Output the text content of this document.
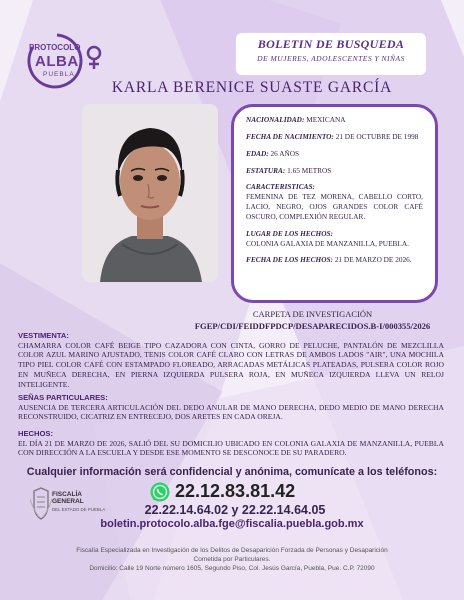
PROTOCOLO
ALBA
PUEBLA
BOLETIN DE BUSQUEDA
DE MUJERES, ADOLESCENTES Y NIÑAS
KARLA BERENICE SUASTE GARCÍA
NACIONALIDAD: MEXICANA
FECHA DE NACIMIENTO: 21 DE OCTUBRE DE 1998
EDAD: 26 AÑOS
ESTATURA: 1.65 METROS
CARACTERISTICAS:
FEMENINA DE TEZ MORENA, CABELLO CORTO, LACIO, NEGRO, OJOS GRANDES COLOR CAFÉ OSCURO, COMPLEXIÓN REGULAR.
LUGAR DE LOS HECHOS:
COLONIA GALAXIA DE MANZANILLA, PUEBLA.
FECHA DE LOS HECHOS: 21 DE MARZO DE 2026.
CARPETA DE INVESTIGACIÓN
FGEP/CDI/FEIDDFPDCP/DESAPARECIDOS.B-I/000355/2026
VESTIMENTA:
CHAMARRA COLOR CAFÉ BEIGE TIPO CAZADORA CON CINTA, GORRO DE PELUCHE, PANTALÓN DE MEZCLILLA COLOR AZUL MARINO AJUSTADO, TENIS COLOR CAFÉ CLARO CON LETRAS DE AMBOS LADOS "AIR", UNA MOCHILA TIPO PIEL COLOR CAFÉ CON ESTAMPADO FLOREADO, ARRACADAS METÁLICAS PLATEADAS, PULSERA COLOR ROJO EN MUÑECA DERECHA, EN PIERNA IZQUIERDA PULSERA ROJA, EN MUÑECA IZQUIERDA LLEVA UN RELOJ INTELIGENTE.
SEÑAS PARTICULARES:
AUSENCIA DE TERCERA ARTICULACIÓN DEL DEDO ANULAR DE MANO DERECHA, DEDO MEDIO DE MANO DERECHA RECONSTRUIDO, CICATRIZ EN ENTRECEJO, DOS ARETES EN CADA OREJA.
HECHOS:
EL DÍA 21 DE MARZO DE 2026, SALIÓ DEL SU DOMICILIO UBICADO EN COLONIA GALAXIA DE MANZANILLA, PUEBLA CON DIRECCIÓN A LA ESCUELA Y DESDE ESE MOMENTO SE DESCONOCE DE SU PARADERO.
Cualquier información será confidencial y anónima, comunícate a los teléfonos:
FISCALÍA
GENERAL
DEL ESTADO DE PUEBLA
22.12.83.81.42
22.22.14.64.02 y 22.22.14.64.05
boletin.protocolo.alba.fge@fiscalia.puebla.gob.mx
Fiscalía Especializada en Investigación de los Delitos de Desaparición Forzada de Personas y Desaparición
Cometida por Particulares.
Domicilio: Calle 19 Norte número 1605, Segundo Piso, Col. Jesús García, Puebla, Pue. C.P. 72090
